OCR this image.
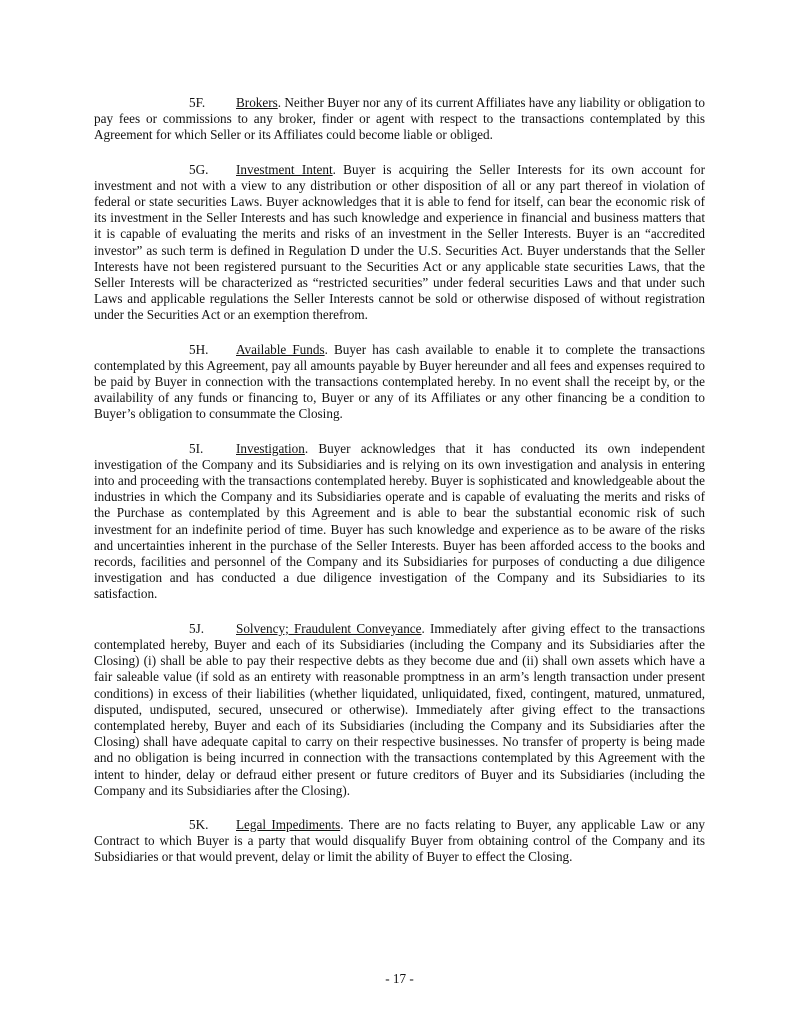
5F. Brokers. Neither Buyer nor any of its current Affiliates have any liability or obligation to pay fees or commissions to any broker, finder or agent with respect to the transactions contemplated by this Agreement for which Seller or its Affiliates could become liable or obliged.

5G. Investment Intent. Buyer is acquiring the Seller Interests for its own account for investment and not with a view to any distribution or other disposition of all or any part thereof in violation of federal or state securities Laws. Buyer acknowledges that it is able to fend for itself, can bear the economic risk of its investment in the Seller Interests and has such knowledge and experience in financial and business matters that it is capable of evaluating the merits and risks of an investment in the Seller Interests. Buyer is an “accredited investor” as such term is defined in Regulation D under the U.S. Securities Act. Buyer understands that the Seller Interests have not been registered pursuant to the Securities Act or any applicable state securities Laws, that the Seller Interests will be characterized as “restricted securities” under federal securities Laws and that under such Laws and applicable regulations the Seller Interests cannot be sold or otherwise disposed of without registration under the Securities Act or an exemption therefrom.

5H. Available Funds. Buyer has cash available to enable it to complete the transactions contemplated by this Agreement, pay all amounts payable by Buyer hereunder and all fees and expenses required to be paid by Buyer in connection with the transactions contemplated hereby. In no event shall the receipt by, or the availability of any funds or financing to, Buyer or any of its Affiliates or any other financing be a condition to Buyer’s obligation to consummate the Closing.

5I. Investigation. Buyer acknowledges that it has conducted its own independent investigation of the Company and its Subsidiaries and is relying on its own investigation and analysis in entering into and proceeding with the transactions contemplated hereby. Buyer is sophisticated and knowledgeable about the industries in which the Company and its Subsidiaries operate and is capable of evaluating the merits and risks of the Purchase as contemplated by this Agreement and is able to bear the substantial economic risk of such investment for an indefinite period of time. Buyer has such knowledge and experience as to be aware of the risks and uncertainties inherent in the purchase of the Seller Interests. Buyer has been afforded access to the books and records, facilities and personnel of the Company and its Subsidiaries for purposes of conducting a due diligence investigation and has conducted a due diligence investigation of the Company and its Subsidiaries to its satisfaction.

5J. Solvency; Fraudulent Conveyance. Immediately after giving effect to the transactions contemplated hereby, Buyer and each of its Subsidiaries (including the Company and its Subsidiaries after the Closing) (i) shall be able to pay their respective debts as they become due and (ii) shall own assets which have a fair saleable value (if sold as an entirety with reasonable promptness in an arm’s length transaction under present conditions) in excess of their liabilities (whether liquidated, unliquidated, fixed, contingent, matured, unmatured, disputed, undisputed, secured, unsecured or otherwise). Immediately after giving effect to the transactions contemplated hereby, Buyer and each of its Subsidiaries (including the Company and its Subsidiaries after the Closing) shall have adequate capital to carry on their respective businesses. No transfer of property is being made and no obligation is being incurred in connection with the transactions contemplated by this Agreement with the intent to hinder, delay or defraud either present or future creditors of Buyer and its Subsidiaries (including the Company and its Subsidiaries after the Closing).

5K. Legal Impediments. There are no facts relating to Buyer, any applicable Law or any Contract to which Buyer is a party that would disqualify Buyer from obtaining control of the Company and its Subsidiaries or that would prevent, delay or limit the ability of Buyer to effect the Closing.

- 17 -
